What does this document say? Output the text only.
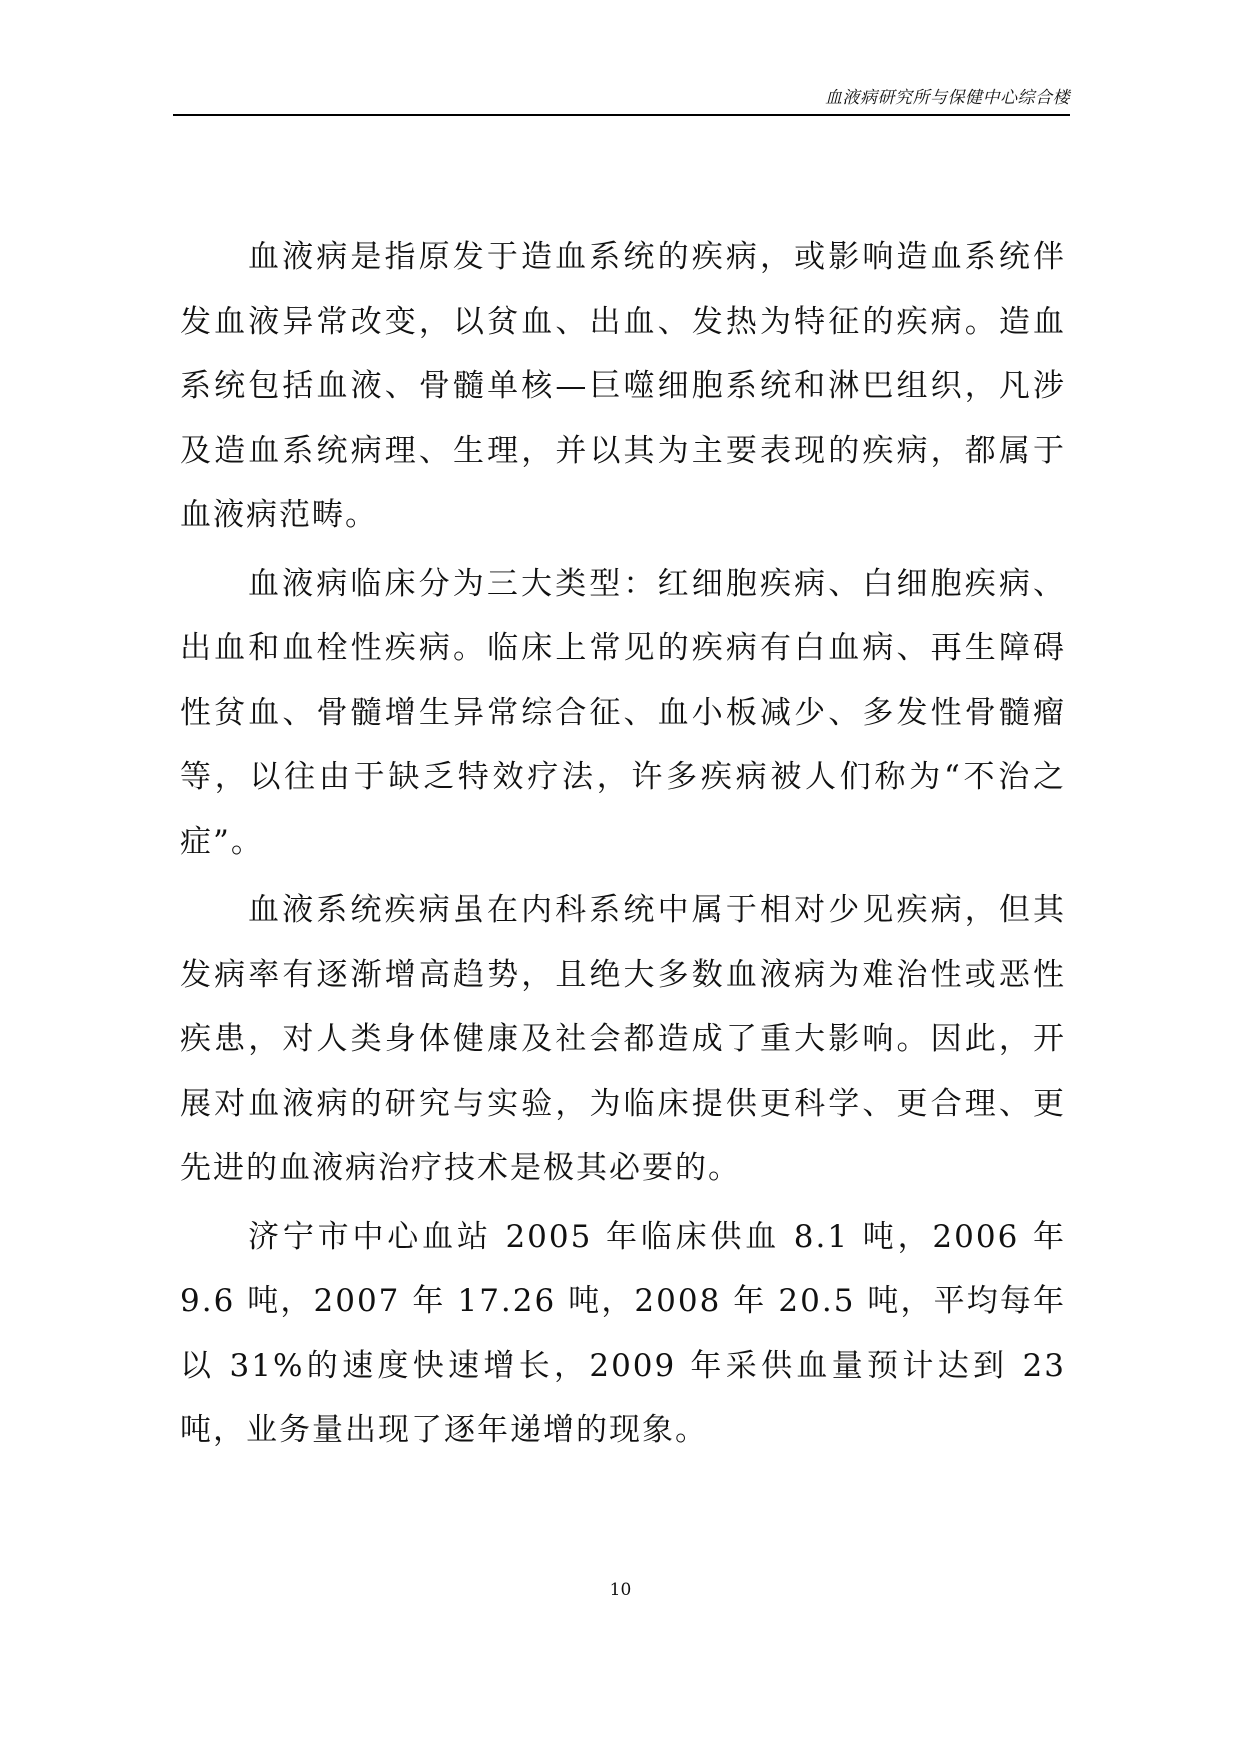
血液病研究所与保健中心综合楼

血液病是指原发于造血系统的疾病，或影响造血系统伴发血液异常改变，以贫血、出血、发热为特征的疾病。造血系统包括血液、骨髓单核—巨噬细胞系统和淋巴组织，凡涉及造血系统病理、生理，并以其为主要表现的疾病，都属于血液病范畴。

血液病临床分为三大类型：红细胞疾病、白细胞疾病、出血和血栓性疾病。临床上常见的疾病有白血病、再生障碍性贫血、骨髓增生异常综合征、血小板减少、多发性骨髓瘤等，以往由于缺乏特效疗法，许多疾病被人们称为“不治之症”。

血液系统疾病虽在内科系统中属于相对少见疾病，但其发病率有逐渐增高趋势，且绝大多数血液病为难治性或恶性疾患，对人类身体健康及社会都造成了重大影响。因此，开展对血液病的研究与实验，为临床提供更科学、更合理、更先进的血液病治疗技术是极其必要的。

济宁市中心血站 2005 年临床供血 8.1 吨，2006 年 9.6 吨，2007 年 17.26 吨，2008 年 20.5 吨，平均每年以 31%的速度快速增长，2009 年采供血量预计达到 23 吨，业务量出现了逐年递增的现象。

10
